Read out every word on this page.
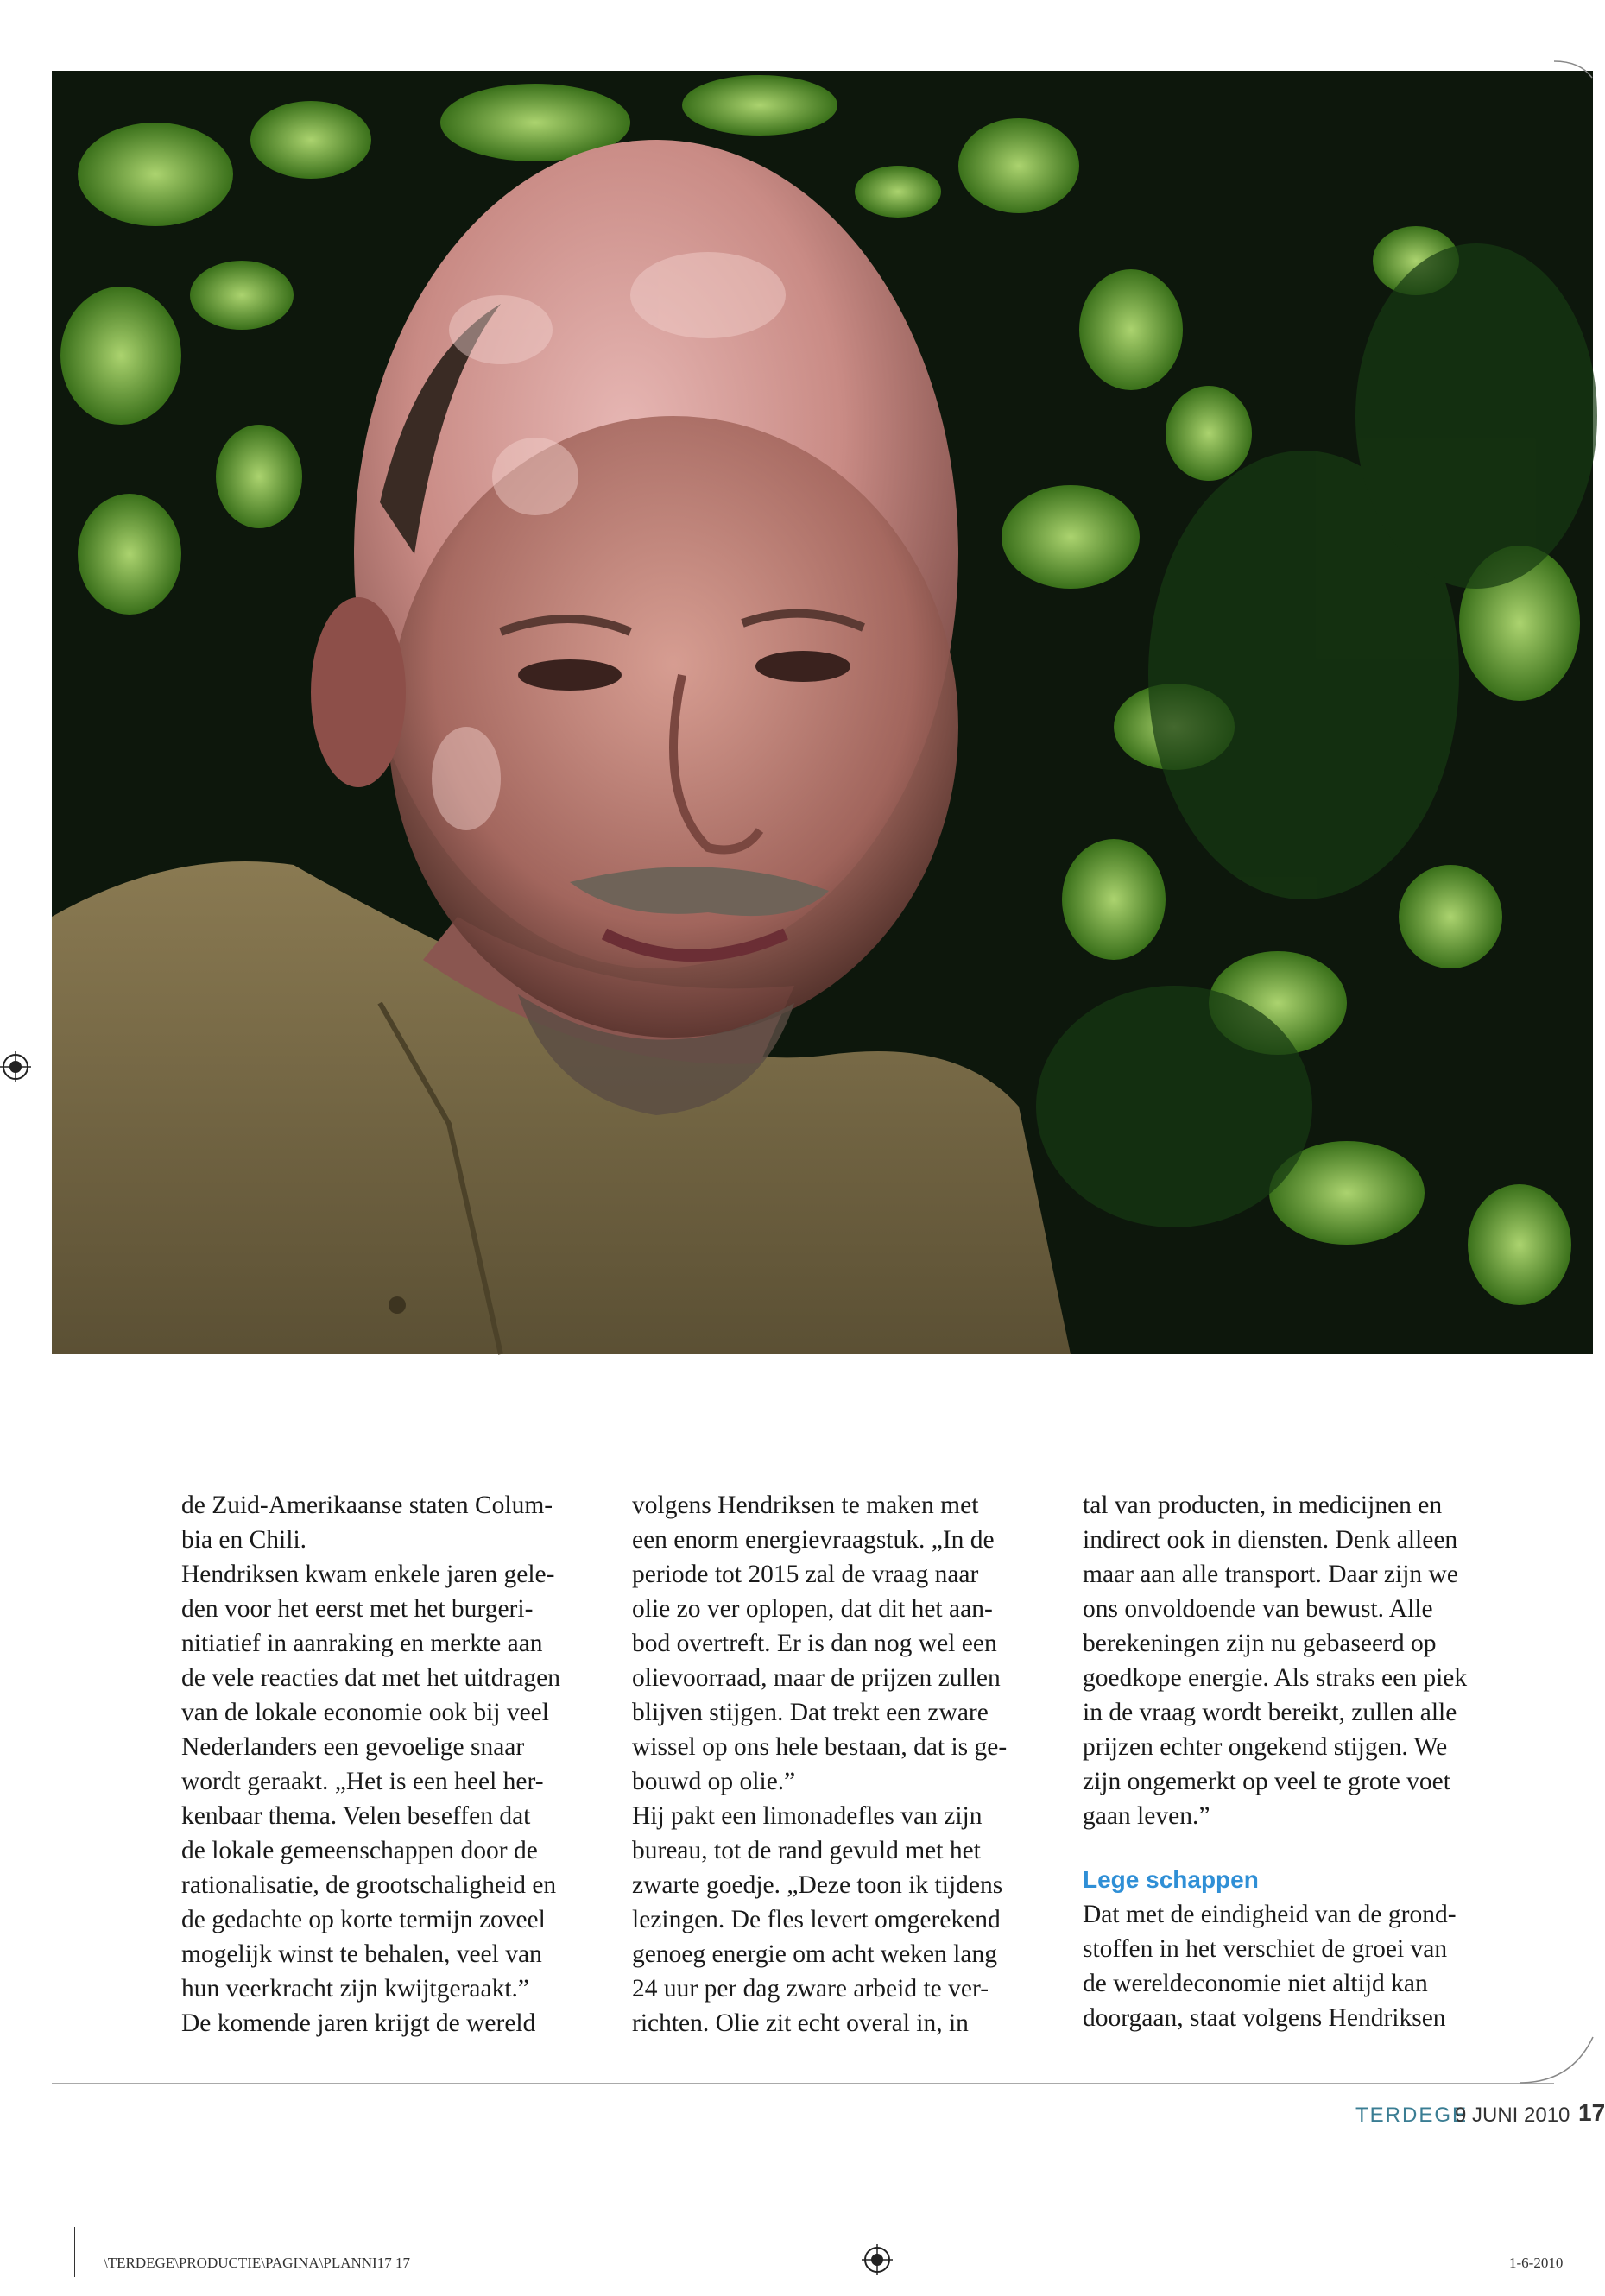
de Zuid-Amerikaanse staten Colum-
bia en Chili.

Hendriksen kwam enkele jaren gele-
den voor het eerst met het burgeri-
nitiatief in aanraking en merkte aan
de vele reacties dat met het uitdragen
van de lokale economie ook bij veel
Nederlanders een gevoelige snaar
wordt geraakt. „Het is een heel her-
kenbaar thema. Velen beseffen dat
de lokale gemeenschappen door de
rationalisatie, de grootschaligheid en
de gedachte op korte termijn zoveel
mogelijk winst te behalen, veel van
hun veerkracht zijn kwijtgeraakt.”

De komende jaren krijgt de wereld

volgens Hendriksen te maken met
een enorm energievraagstuk. „In de
periode tot 2015 zal de vraag naar
olie zo ver oplopen, dat dit het aan-
bod overtreft. Er is dan nog wel een
olievoorraad, maar de prijzen zullen
blijven stijgen. Dat trekt een zware
wissel op ons hele bestaan, dat is ge-
bouwd op olie.”

Hij pakt een limonadefles van zijn
bureau, tot de rand gevuld met het
zwarte goedje. „Deze toon ik tijdens
lezingen. De fles levert omgerekend
genoeg energie om acht weken lang
24 uur per dag zware arbeid te ver-
richten. Olie zit echt overal in, in

tal van producten, in medicijnen en
indirect ook in diensten. Denk alleen
maar aan alle transport. Daar zijn we
ons onvoldoende van bewust. Alle
berekeningen zijn nu gebaseerd op
goedkope energie. Als straks een piek
in de vraag wordt bereikt, zullen alle
prijzen echter ongekend stijgen. We
zijn ongemerkt op veel te grote voet
gaan leven.”

Lege schappen

Dat met de eindigheid van de grond-
stoffen in het verschiet de groei van
de wereldeconomie niet altijd kan
doorgaan, staat volgens Hendriksen

TERDEGE
9 JUNI 2010 17
\TERDEGE\PRODUCTIE\PAGINA\PLANNI17 17	1-6-2010
